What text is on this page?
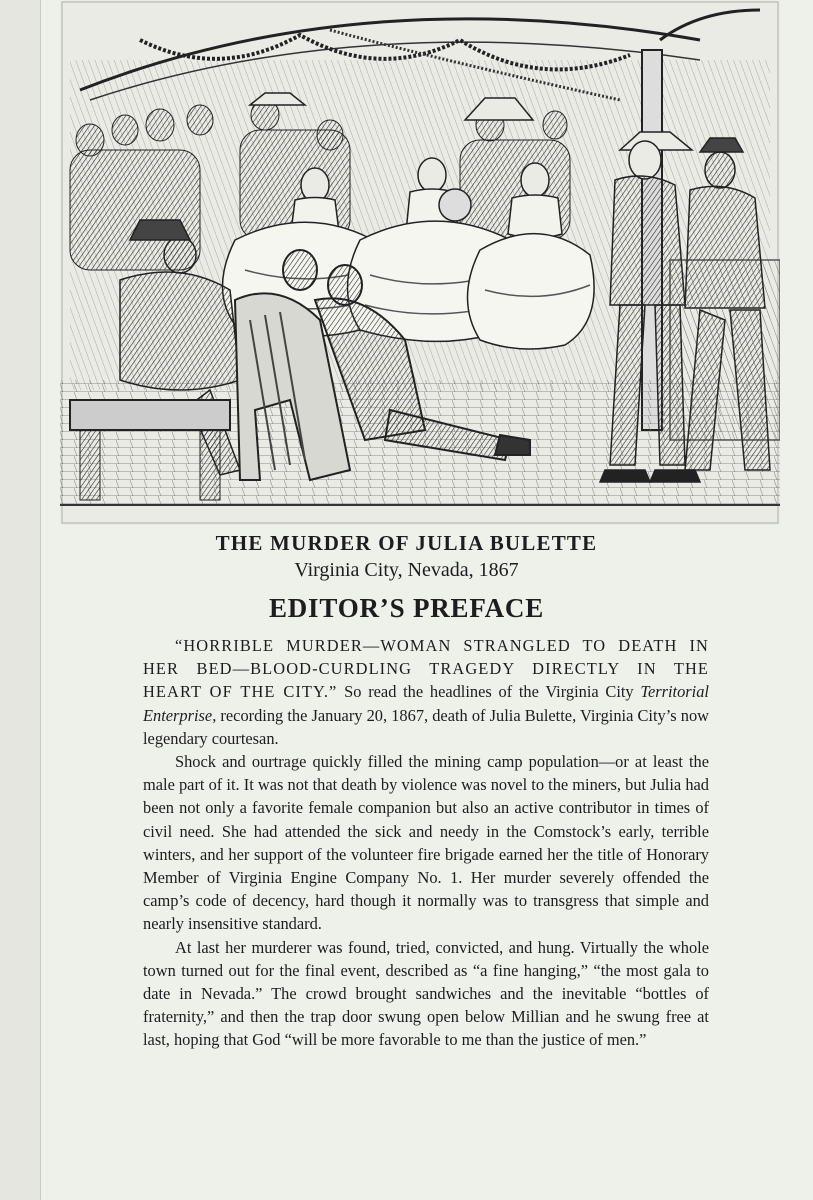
THE MURDER OF JULIA BULETTE
Virginia City, Nevada, 1867
EDITOR’S PREFACE

“HORRIBLE MURDER—WOMAN STRANGLED TO DEATH IN HER BED—BLOOD-CURDLING TRAGEDY DIRECTLY IN THE HEART OF THE CITY.” So read the headlines of the Virginia City Territorial Enterprise, recording the January 20, 1867, death of Julia Bulette, Virginia City’s now legendary courtesan.

Shock and ourtrage quickly filled the mining camp population—or at least the male part of it. It was not that death by violence was novel to the miners, but Julia had been not only a favorite female companion but also an active contributor in times of civil need. She had attended the sick and needy in the Comstock’s early, terrible winters, and her support of the volunteer fire brigade earned her the title of Honorary Member of Virginia Engine Company No. 1. Her murder severely offended the camp’s code of decency, hard though it normally was to transgress that simple and nearly insensitive standard.

At last her murderer was found, tried, convicted, and hung. Virtually the whole town turned out for the final event, described as “a fine hanging,” “the most gala to date in Nevada.” The crowd brought sandwiches and the inevitable “bottles of fraternity,” and then the trap door swung open below Millian and he swung free at last, hoping that God “will be more favorable to me than the justice of men.”
